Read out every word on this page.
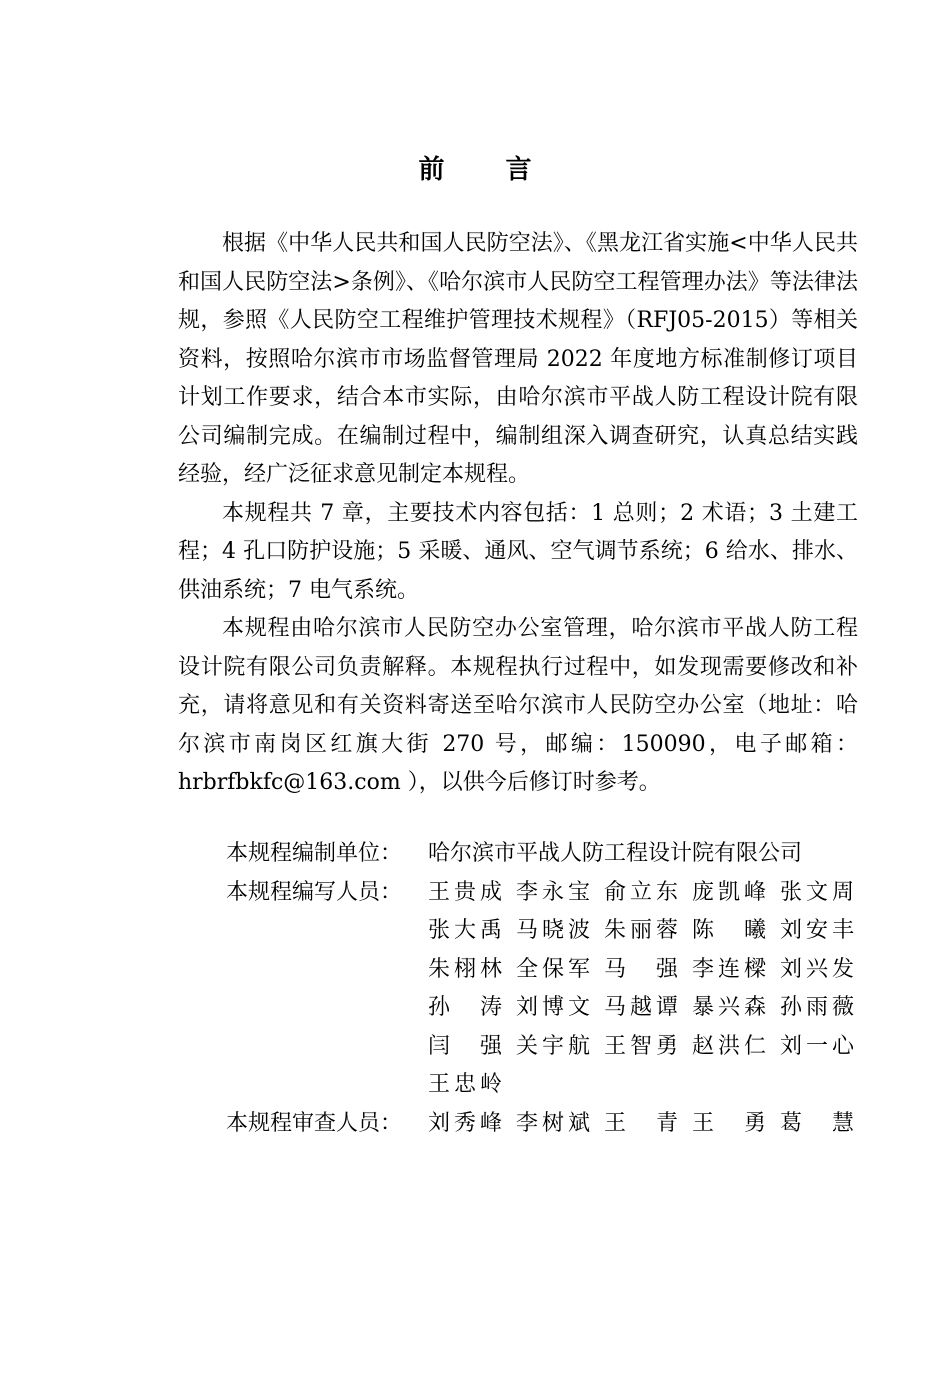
前 言

根据《中华人民共和国人民防空法》、《黑龙江省实施<中华人民共和国人民防空法>条例》、《哈尔滨市人民防空工程管理办法》等法律法规，参照《人民防空工程维护管理技术规程》（RFJ05-2015）等相关资料，按照哈尔滨市市场监督管理局 2022 年度地方标准制修订项目计划工作要求，结合本市实际，由哈尔滨市平战人防工程设计院有限公司编制完成。在编制过程中，编制组深入调查研究，认真总结实践经验，经广泛征求意见制定本规程。

本规程共 7 章，主要技术内容包括：1 总则；2 术语；3 土建工程；4 孔口防护设施；5 采暖、通风、空气调节系统；6 给水、排水、供油系统；7 电气系统。

本规程由哈尔滨市人民防空办公室管理，哈尔滨市平战人防工程设计院有限公司负责解释。本规程执行过程中，如发现需要修改和补充，请将意见和有关资料寄送至哈尔滨市人民防空办公室（地址：哈尔滨市南岗区红旗大街 270 号，邮编：150090，电子邮箱：hrbrfbkfc@163.com ），以供今后修订时参考。

本规程编制单位：	哈尔滨市平战人防工程设计院有限公司
本规程编写人员：	王贵成 李永宝 俞立东 庞凯峰 张文周
张大禹 马晓波 朱丽蓉 陈 曦 刘安丰
朱栩林 全保军 马 强 李连樑 刘兴发
孙 涛 刘博文 马越谭 暴兴森 孙雨薇
闫 强 关宇航 王智勇 赵洪仁 刘一心
王忠岭
本规程审查人员：	刘秀峰 李树斌 王 青 王 勇 葛 慧
